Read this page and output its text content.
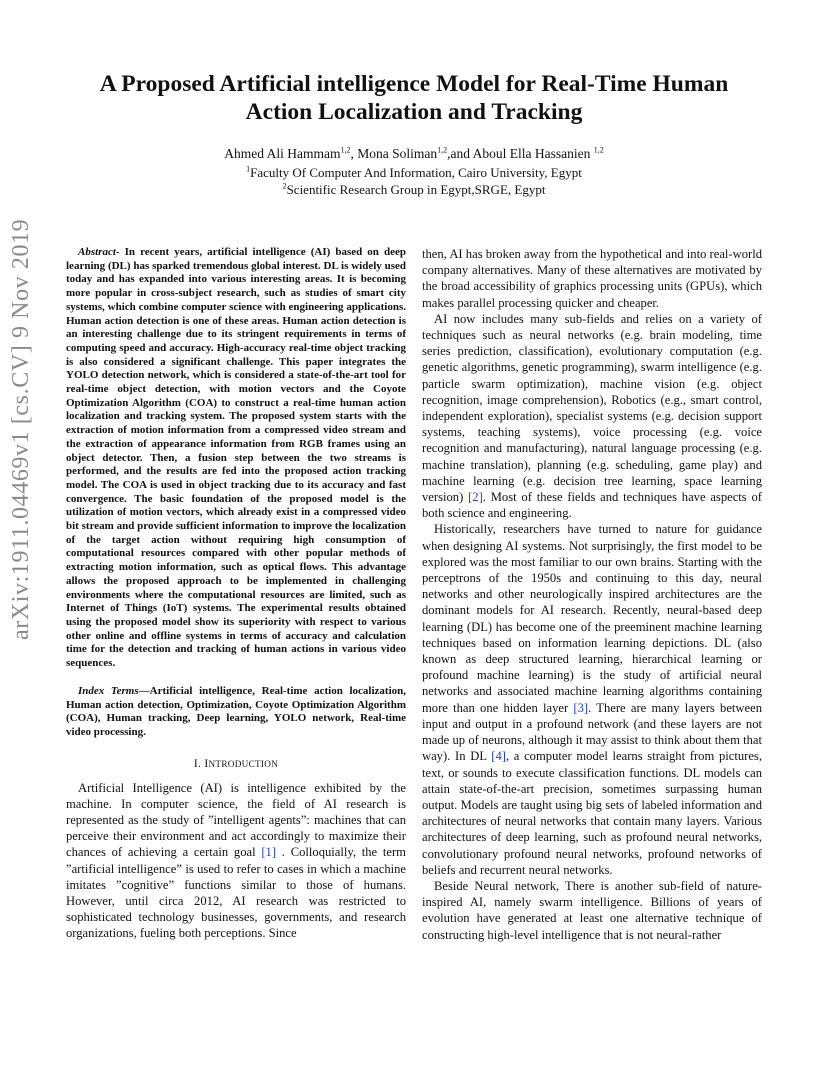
arXiv:1911.04469v1 [cs.CV] 9 Nov 2019
A Proposed Artificial intelligence Model for Real-Time Human
Action Localization and Tracking
Ahmed Ali Hammam$^{1,2}$, Mona Soliman$^{1,2}$,and Aboul Ella Hassanien $^{1,2}$
$^1$Faculty Of Computer And Information, Cairo University, Egypt
$^2$Scientific Research Group in Egypt,SRGE, Egypt

Abstract- In recent years, artificial intelligence (AI) based on deep learning (DL) has sparked tremendous global interest. DL is widely used today and has expanded into various interesting areas. It is becoming more popular in cross-subject research, such as studies of smart city systems, which combine computer science with engineering applications. Human action detection is one of these areas. Human action detection is an interesting challenge due to its stringent requirements in terms of computing speed and accuracy. High-accuracy real-time object tracking is also considered a significant challenge. This paper integrates the YOLO detection network, which is considered a state-of-the-art tool for real-time object detection, with motion vectors and the Coyote Optimization Algorithm (COA) to construct a real-time human action localization and tracking system. The proposed system starts with the extraction of motion information from a compressed video stream and the extraction of appearance information from RGB frames using an object detector. Then, a fusion step between the two streams is performed, and the results are fed into the proposed action tracking model. The COA is used in object tracking due to its accuracy and fast convergence. The basic foundation of the proposed model is the utilization of motion vectors, which already exist in a compressed video bit stream and provide sufficient information to improve the localization of the target action without requiring high consumption of computational resources compared with other popular methods of extracting motion information, such as optical flows. This advantage allows the proposed approach to be implemented in challenging environments where the computational resources are limited, such as Internet of Things (IoT) systems. The experimental results obtained using the proposed model show its superiority with respect to various other online and offline systems in terms of accuracy and calculation time for the detection and tracking of human actions in various video sequences.

Index Terms—Artificial intelligence, Real-time action localization, Human action detection, Optimization, Coyote Optimization Algorithm (COA), Human tracking, Deep learning, YOLO network, Real-time video processing.

I. INTRODUCTION

Artificial Intelligence (AI) is intelligence exhibited by the machine. In computer science, the field of AI research is represented as the study of ”intelligent agents”: machines that can perceive their environment and act accordingly to maximize their chances of achieving a certain goal [1] . Colloquially, the term ”artificial intelligence” is used to refer to cases in which a machine imitates ”cognitive” functions similar to those of humans. However, until circa 2012, AI research was restricted to sophisticated technology businesses, governments, and research organizations, fueling both perceptions. Since

then, AI has broken away from the hypothetical and into real-world company alternatives. Many of these alternatives are motivated by the broad accessibility of graphics processing units (GPUs), which makes parallel processing quicker and cheaper.

AI now includes many sub-fields and relies on a variety of techniques such as neural networks (e.g. brain modeling, time series prediction, classification), evolutionary computation (e.g. genetic algorithms, genetic programming), swarm intelligence (e.g. particle swarm optimization), machine vision (e.g. object recognition, image comprehension), Robotics (e.g., smart control, independent exploration), specialist systems (e.g. decision support systems, teaching systems), voice processing (e.g. voice recognition and manufacturing), natural language processing (e.g. machine translation), planning (e.g. scheduling, game play) and machine learning (e.g. decision tree learning, space learning version) [2]. Most of these fields and techniques have aspects of both science and engineering.

Historically, researchers have turned to nature for guidance when designing AI systems. Not surprisingly, the first model to be explored was the most familiar to our own brains. Starting with the perceptrons of the 1950s and continuing to this day, neural networks and other neurologically inspired architectures are the dominant models for AI research. Recently, neural-based deep learning (DL) has become one of the preeminent machine learning techniques based on information learning depictions. DL (also known as deep structured learning, hierarchical learning or profound machine learning) is the study of artificial neural networks and associated machine learning algorithms containing more than one hidden layer [3]. There are many layers between input and output in a profound network (and these layers are not made up of neurons, although it may assist to think about them that way). In DL [4], a computer model learns straight from pictures, text, or sounds to execute classification functions. DL models can attain state-of-the-art precision, sometimes surpassing human output. Models are taught using big sets of labeled information and architectures of neural networks that contain many layers. Various architectures of deep learning, such as profound neural networks, convolutionary profound neural networks, profound networks of beliefs and recurrent neural networks.

Beside Neural network, There is another sub-field of nature-inspired AI, namely swarm intelligence. Billions of years of evolution have generated at least one alternative technique of constructing high-level intelligence that is not neural-rather
